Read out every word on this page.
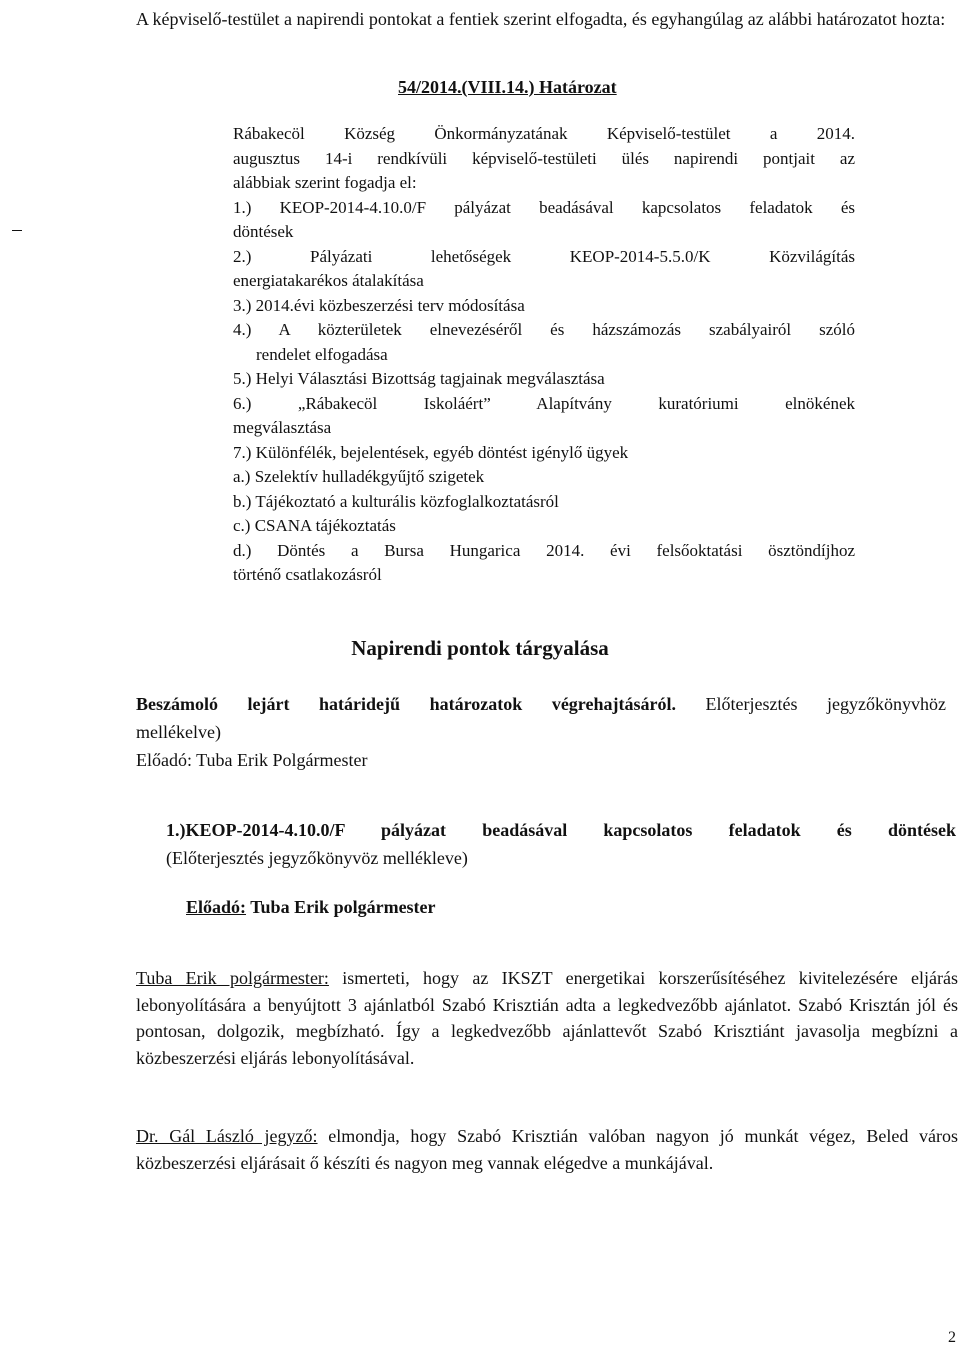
A képviselő-testület a napirendi pontokat a fentiek szerint elfogadta, és egyhangúlag az alábbi határozatot hozta:
54/2014.(VIII.14.) Határozat

Rábakecöl Község Önkormányzatának Képviselő-testület a 2014.

augusztus 14-i rendkívüli képviselő-testületi ülés napirendi pontjait az

alábbiak szerint fogadja el:

1.) KEOP-2014-4.10.0/F pályázat beadásával kapcsolatos feladatok és

döntések

2.) Pályázati lehetőségek KEOP-2014-5.5.0/K Közvilágítás

energiatakarékos átalakítása

3.) 2014.évi közbeszerzési terv módosítása

4.) A közterületek elnevezéséről és házszámozás szabályairól szóló

rendelet elfogadása

5.) Helyi Választási Bizottság tagjainak megválasztása

6.) „Rábakecöl Iskoláért” Alapítvány kuratóriumi elnökének

megválasztása

7.) Különfélék, bejelentések, egyéb döntést igénylő ügyek

a.) Szelektív hulladékgyűjtő szigetek

b.) Tájékoztató a kulturális közfoglalkoztatásról

c.) CSANA tájékoztatás

d.) Döntés a Bursa Hungarica 2014. évi felsőoktatási ösztöndíjhoz

történő csatlakozásról

Napirendi pontok tárgyalása

Beszámoló lejárt határidejű határozatok végrehajtásáról. Előterjesztés jegyzőkönyvhöz

mellékelve)

Előadó: Tuba Erik Polgármester

1.)KEOP-2014-4.10.0/F pályázat beadásával kapcsolatos feladatok és döntések

(Előterjesztés jegyzőkönyvöz mellékleve)

Előadó: Tuba Erik polgármester
Tuba Erik polgármester: ismerteti, hogy az IKSZT energetikai korszerűsítéséhez kivitelezésére eljárás lebonyolítására a benyújtott 3 ajánlatból Szabó Krisztián adta a legkedvezőbb ajánlatot. Szabó Krisztán jól és pontosan, dolgozik, megbízható. Így a legkedvezőbb ajánlattevőt Szabó Krisztiánt javasolja megbízni a közbeszerzési eljárás lebonyolításával.
Dr. Gál László jegyző: elmondja, hogy Szabó Krisztián valóban nagyon jó munkát végez, Beled város közbeszerzési eljárásait ő készíti és nagyon meg vannak elégedve a munkájával.
2
